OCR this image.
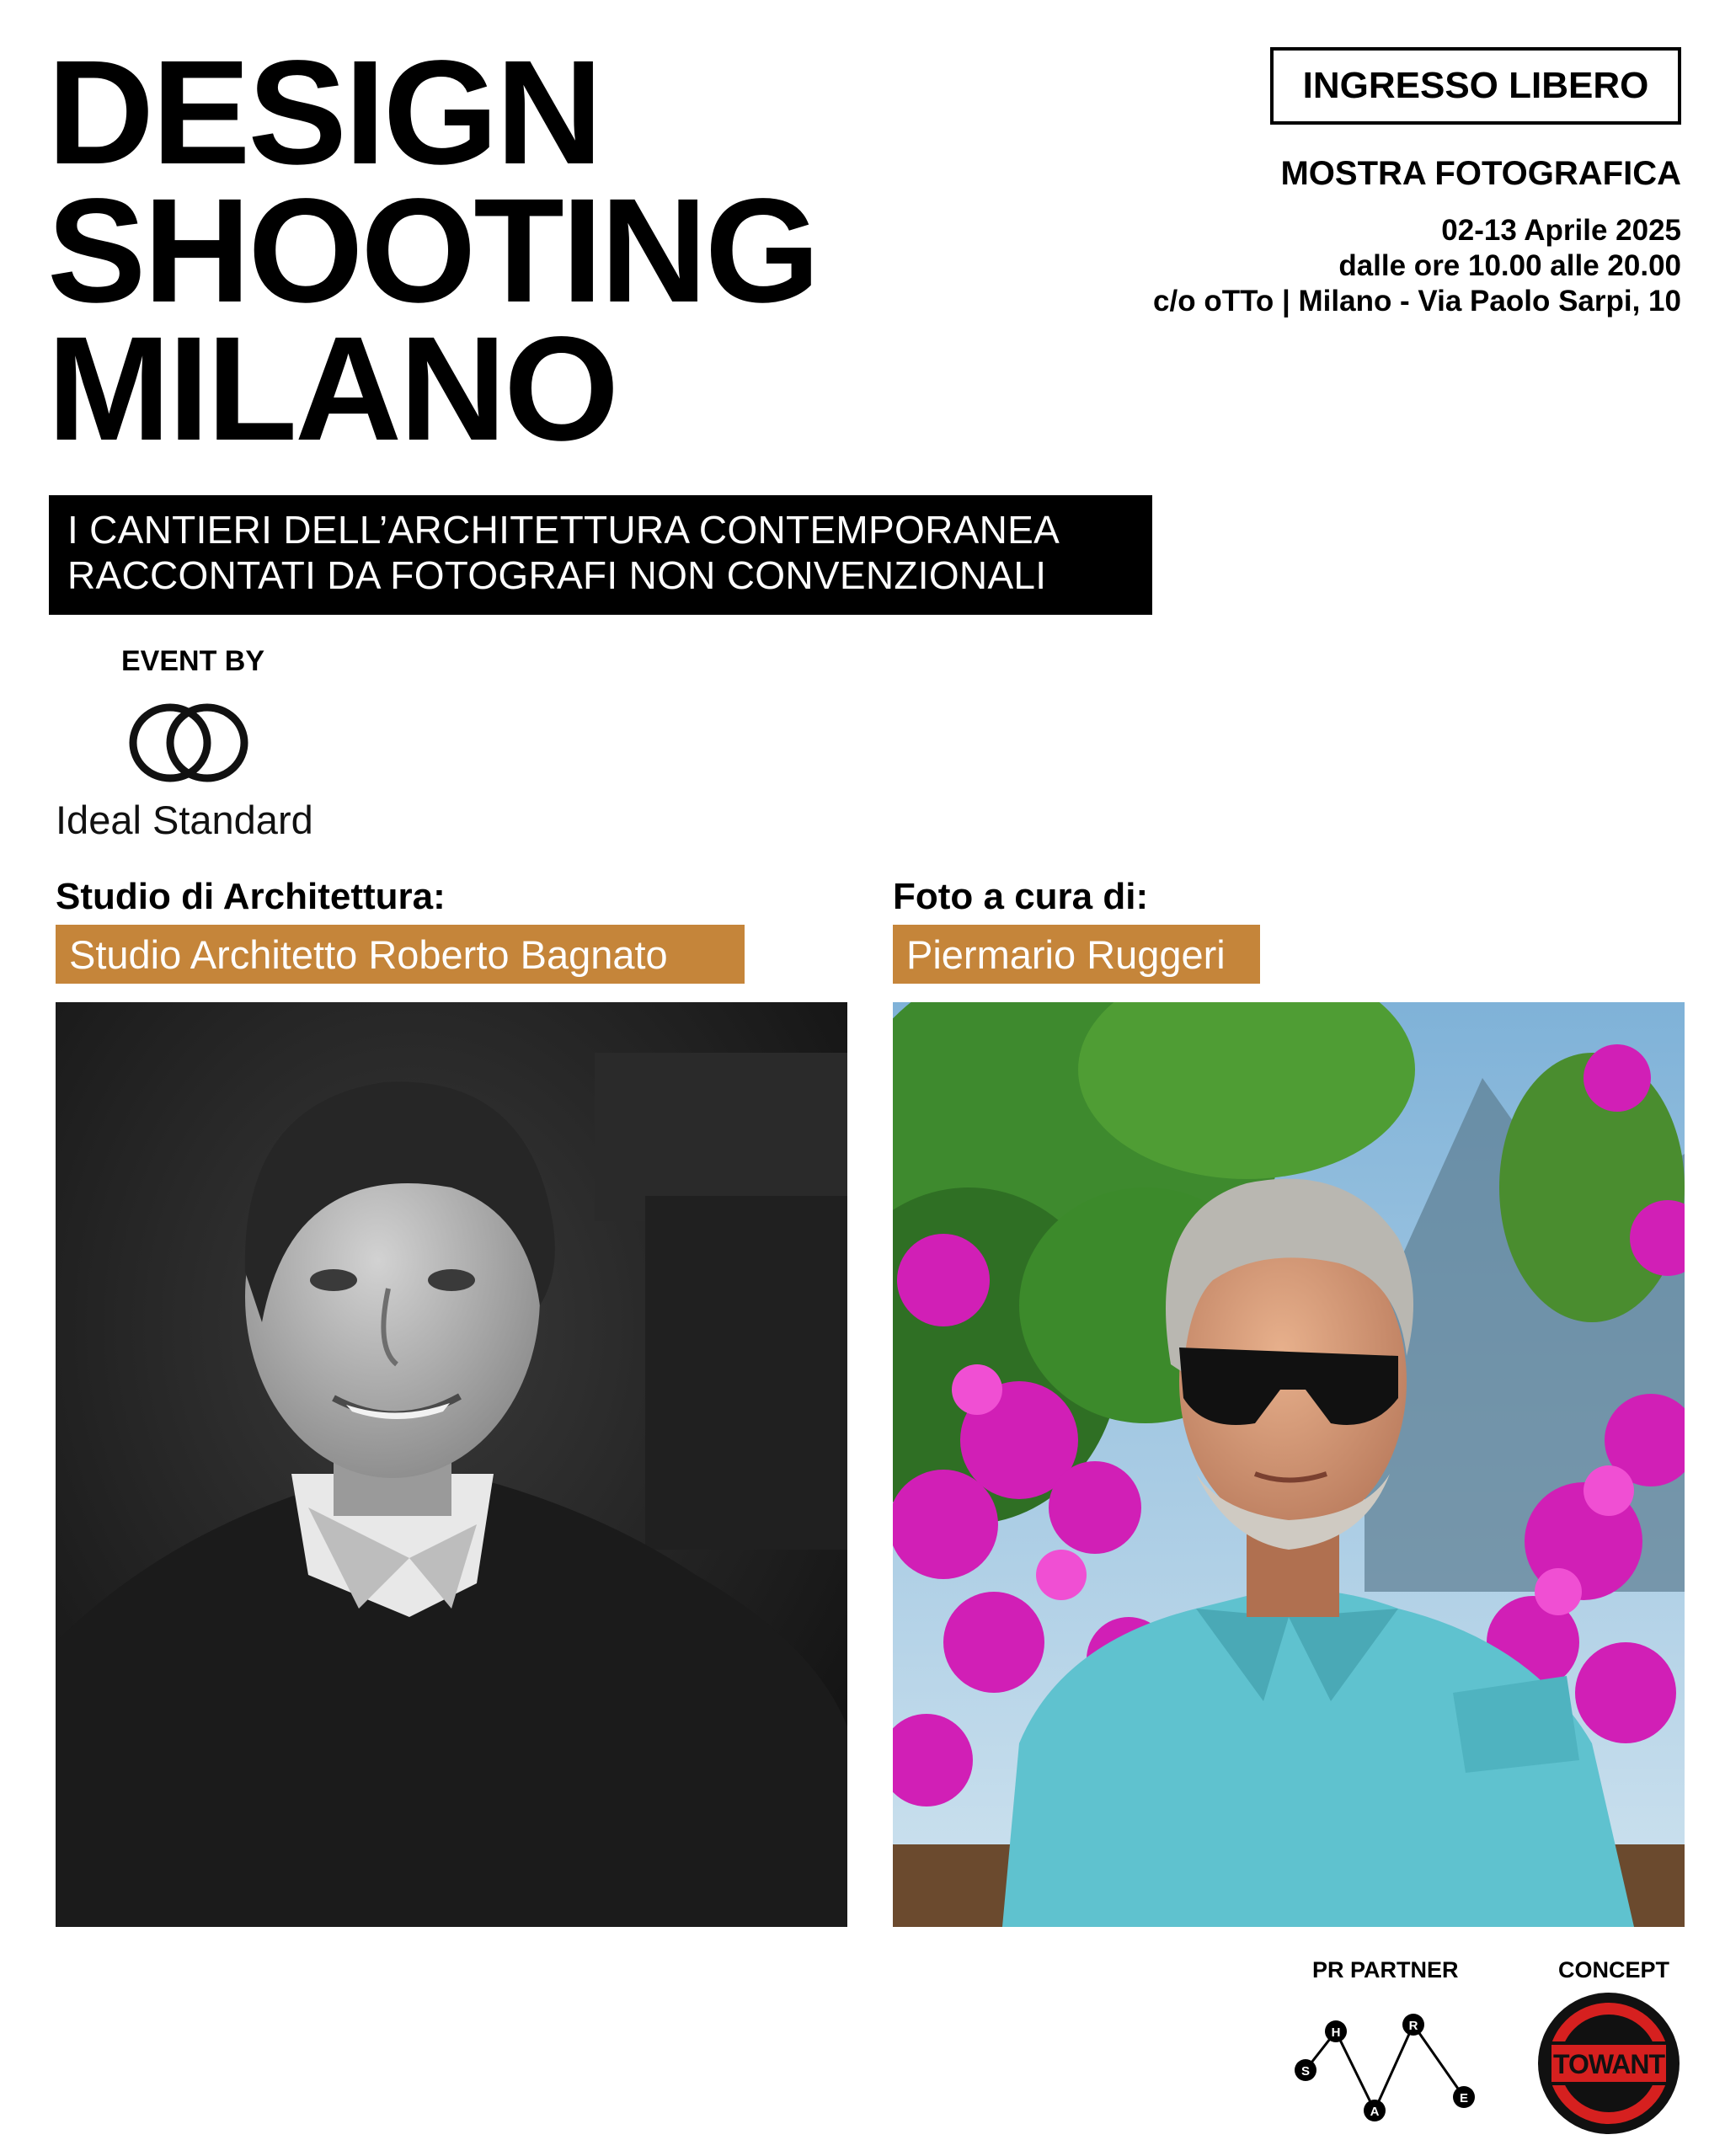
DESIGN
SHOOTING
MILANO
INGRESSO LIBERO
MOSTRA FOTOGRAFICA
02-13 Aprile 2025
dalle ore 10.00 alle 20.00
c/o oTTo | Milano - Via Paolo Sarpi, 10
I CANTIERI DELL’ARCHITETTURA CONTEMPORANEA
RACCONTATI DA FOTOGRAFI NON CONVENZIONALI
EVENT BY
Ideal Standard
Studio di Architettura:
Studio Architetto Roberto Bagnato
Foto a cura di:
Piermario Ruggeri
PR PARTNER
S
H
A
R
E
CONCEPT
TOWANT
